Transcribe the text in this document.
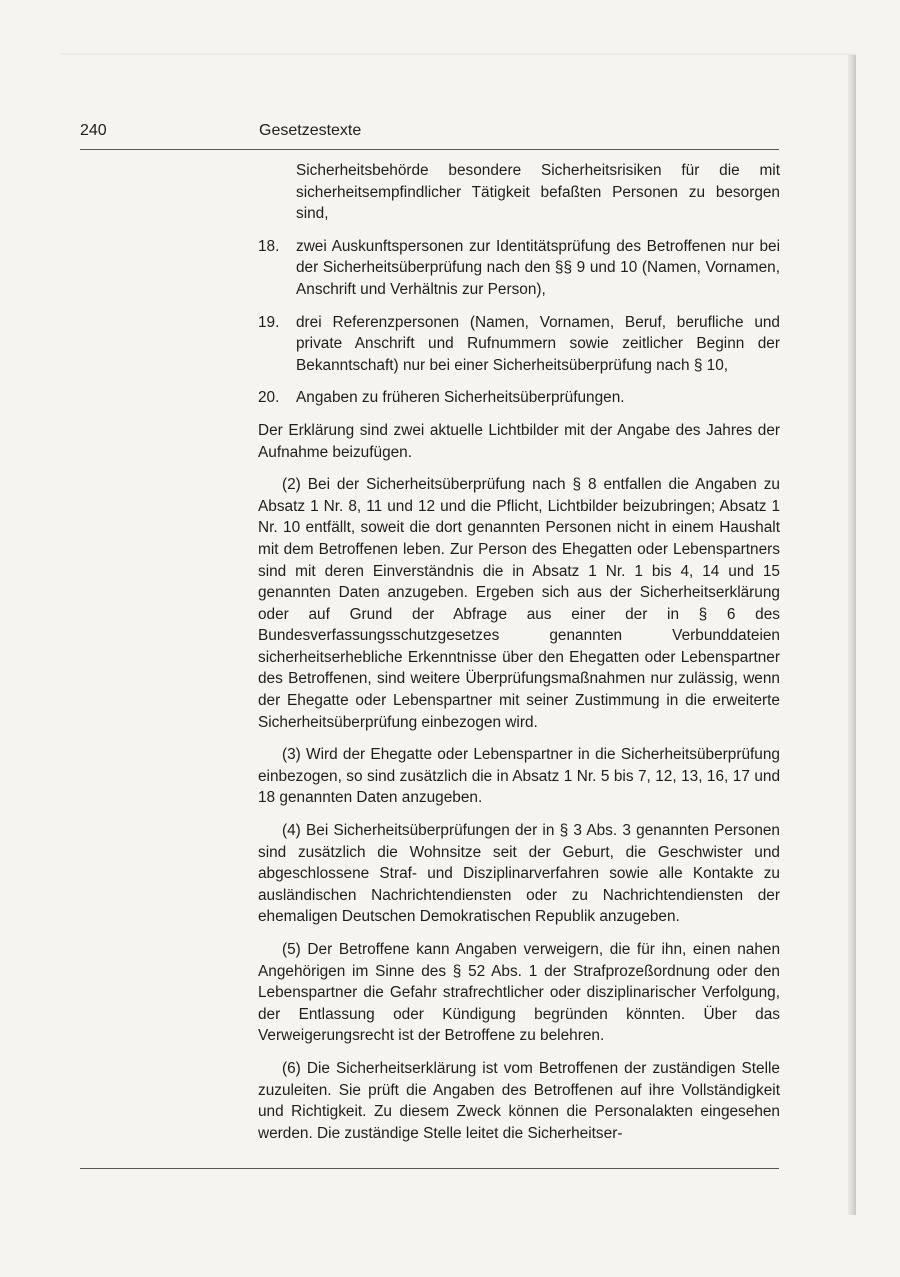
240	Gesetzestexte
Sicherheitsbehörde besondere Sicherheitsrisiken für die mit sicherheitsempfindlicher Tätigkeit befaßten Personen zu besorgen sind,
18. zwei Auskunftspersonen zur Identitätsprüfung des Betroffenen nur bei der Sicherheitsüberprüfung nach den §§ 9 und 10 (Namen, Vornamen, Anschrift und Verhältnis zur Person),
19. drei Referenzpersonen (Namen, Vornamen, Beruf, berufliche und private Anschrift und Rufnummern sowie zeitlicher Beginn der Bekanntschaft) nur bei einer Sicherheitsüberprüfung nach § 10,
20. Angaben zu früheren Sicherheitsüberprüfungen.
Der Erklärung sind zwei aktuelle Lichtbilder mit der Angabe des Jahres der Aufnahme beizufügen.
(2) Bei der Sicherheitsüberprüfung nach § 8 entfallen die Angaben zu Absatz 1 Nr. 8, 11 und 12 und die Pflicht, Lichtbilder beizubringen; Absatz 1 Nr. 10 entfällt, soweit die dort genannten Personen nicht in einem Haushalt mit dem Betroffenen leben. Zur Person des Ehegatten oder Lebenspartners sind mit deren Einverständnis die in Absatz 1 Nr. 1 bis 4, 14 und 15 genannten Daten anzugeben. Ergeben sich aus der Sicherheitserklärung oder auf Grund der Abfrage aus einer der in § 6 des Bundesverfassungsschutzgesetzes genannten Verbunddateien sicherheitserhebliche Erkenntnisse über den Ehegatten oder Lebenspartner des Betroffenen, sind weitere Überprüfungsmaßnahmen nur zulässig, wenn der Ehegatte oder Lebenspartner mit seiner Zustimmung in die erweiterte Sicherheitsüberprüfung einbezogen wird.
(3) Wird der Ehegatte oder Lebenspartner in die Sicherheitsüberprüfung einbezogen, so sind zusätzlich die in Absatz 1 Nr. 5 bis 7, 12, 13, 16, 17 und 18 genannten Daten anzugeben.
(4) Bei Sicherheitsüberprüfungen der in § 3 Abs. 3 genannten Personen sind zusätzlich die Wohnsitze seit der Geburt, die Geschwister und abgeschlossene Straf- und Disziplinarverfahren sowie alle Kontakte zu ausländischen Nachrichtendiensten oder zu Nachrichtendiensten der ehemaligen Deutschen Demokratischen Republik anzugeben.
(5) Der Betroffene kann Angaben verweigern, die für ihn, einen nahen Angehörigen im Sinne des § 52 Abs. 1 der Strafprozeßordnung oder den Lebenspartner die Gefahr strafrechtlicher oder disziplinarischer Verfolgung, der Entlassung oder Kündigung begründen könnten. Über das Verweigerungsrecht ist der Betroffene zu belehren.
(6) Die Sicherheitserklärung ist vom Betroffenen der zuständigen Stelle zuzuleiten. Sie prüft die Angaben des Betroffenen auf ihre Vollständigkeit und Richtigkeit. Zu diesem Zweck können die Personalakten eingesehen werden. Die zuständige Stelle leitet die Sicherheitser-
